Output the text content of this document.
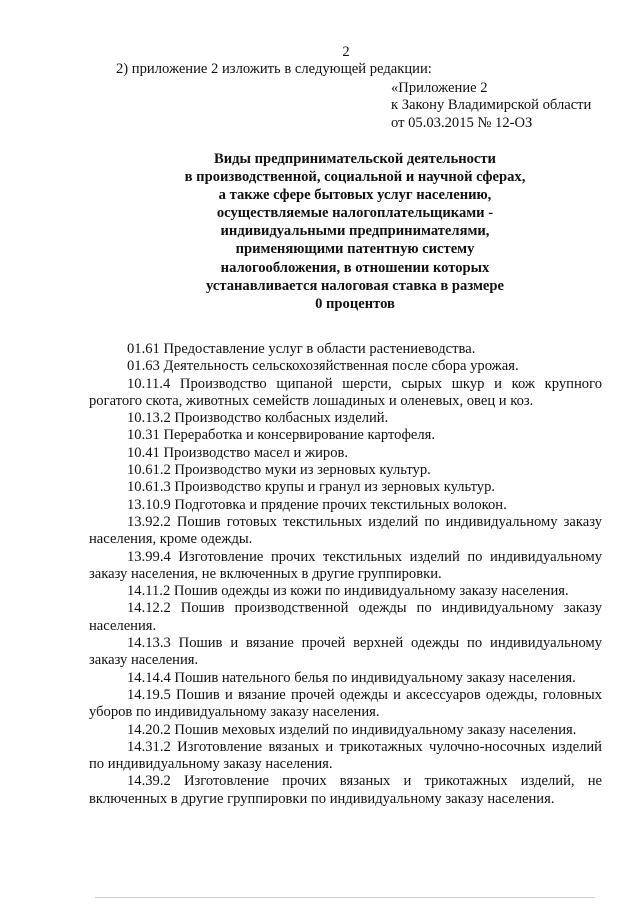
2
2) приложение 2 изложить в следующей редакции:
«Приложение 2
к Закону Владимирской области
от 05.03.2015 № 12-ОЗ
Виды предпринимательской деятельности
в производственной, социальной и научной сферах,
а также сфере бытовых услуг населению,
осуществляемые налогоплательщиками -
индивидуальными предпринимателями,
применяющими патентную систему
налогообложения, в отношении которых
устанавливается налоговая ставка в размере
0 процентов

01.61 Предоставление услуг в области растениеводства.

01.63 Деятельность сельскохозяйственная после сбора урожая.

10.11.4 Производство щипаной шерсти, сырых шкур и кож крупного рогатого скота, животных семейств лошадиных и оленевых, овец и коз.

10.13.2 Производство колбасных изделий.

10.31 Переработка и консервирование картофеля.

10.41 Производство масел и жиров.

10.61.2 Производство муки из зерновых культур.

10.61.3 Производство крупы и гранул из зерновых культур.

13.10.9 Подготовка и прядение прочих текстильных волокон.

13.92.2 Пошив готовых текстильных изделий по индивидуальному заказу населения, кроме одежды.

13.99.4 Изготовление прочих текстильных изделий по индивидуальному заказу населения, не включенных в другие группировки.

14.11.2 Пошив одежды из кожи по индивидуальному заказу населения.

14.12.2 Пошив производственной одежды по индивидуальному заказу населения.

14.13.3 Пошив и вязание прочей верхней одежды по индивидуальному заказу населения.

14.14.4 Пошив нательного белья по индивидуальному заказу населения.

14.19.5 Пошив и вязание прочей одежды и аксессуаров одежды, головных уборов по индивидуальному заказу населения.

14.20.2 Пошив меховых изделий по индивидуальному заказу населения.

14.31.2 Изготовление вязаных и трикотажных чулочно-носочных изделий по индивидуальному заказу населения.

14.39.2 Изготовление прочих вязаных и трикотажных изделий, не включенных в другие группировки по индивидуальному заказу населения.
